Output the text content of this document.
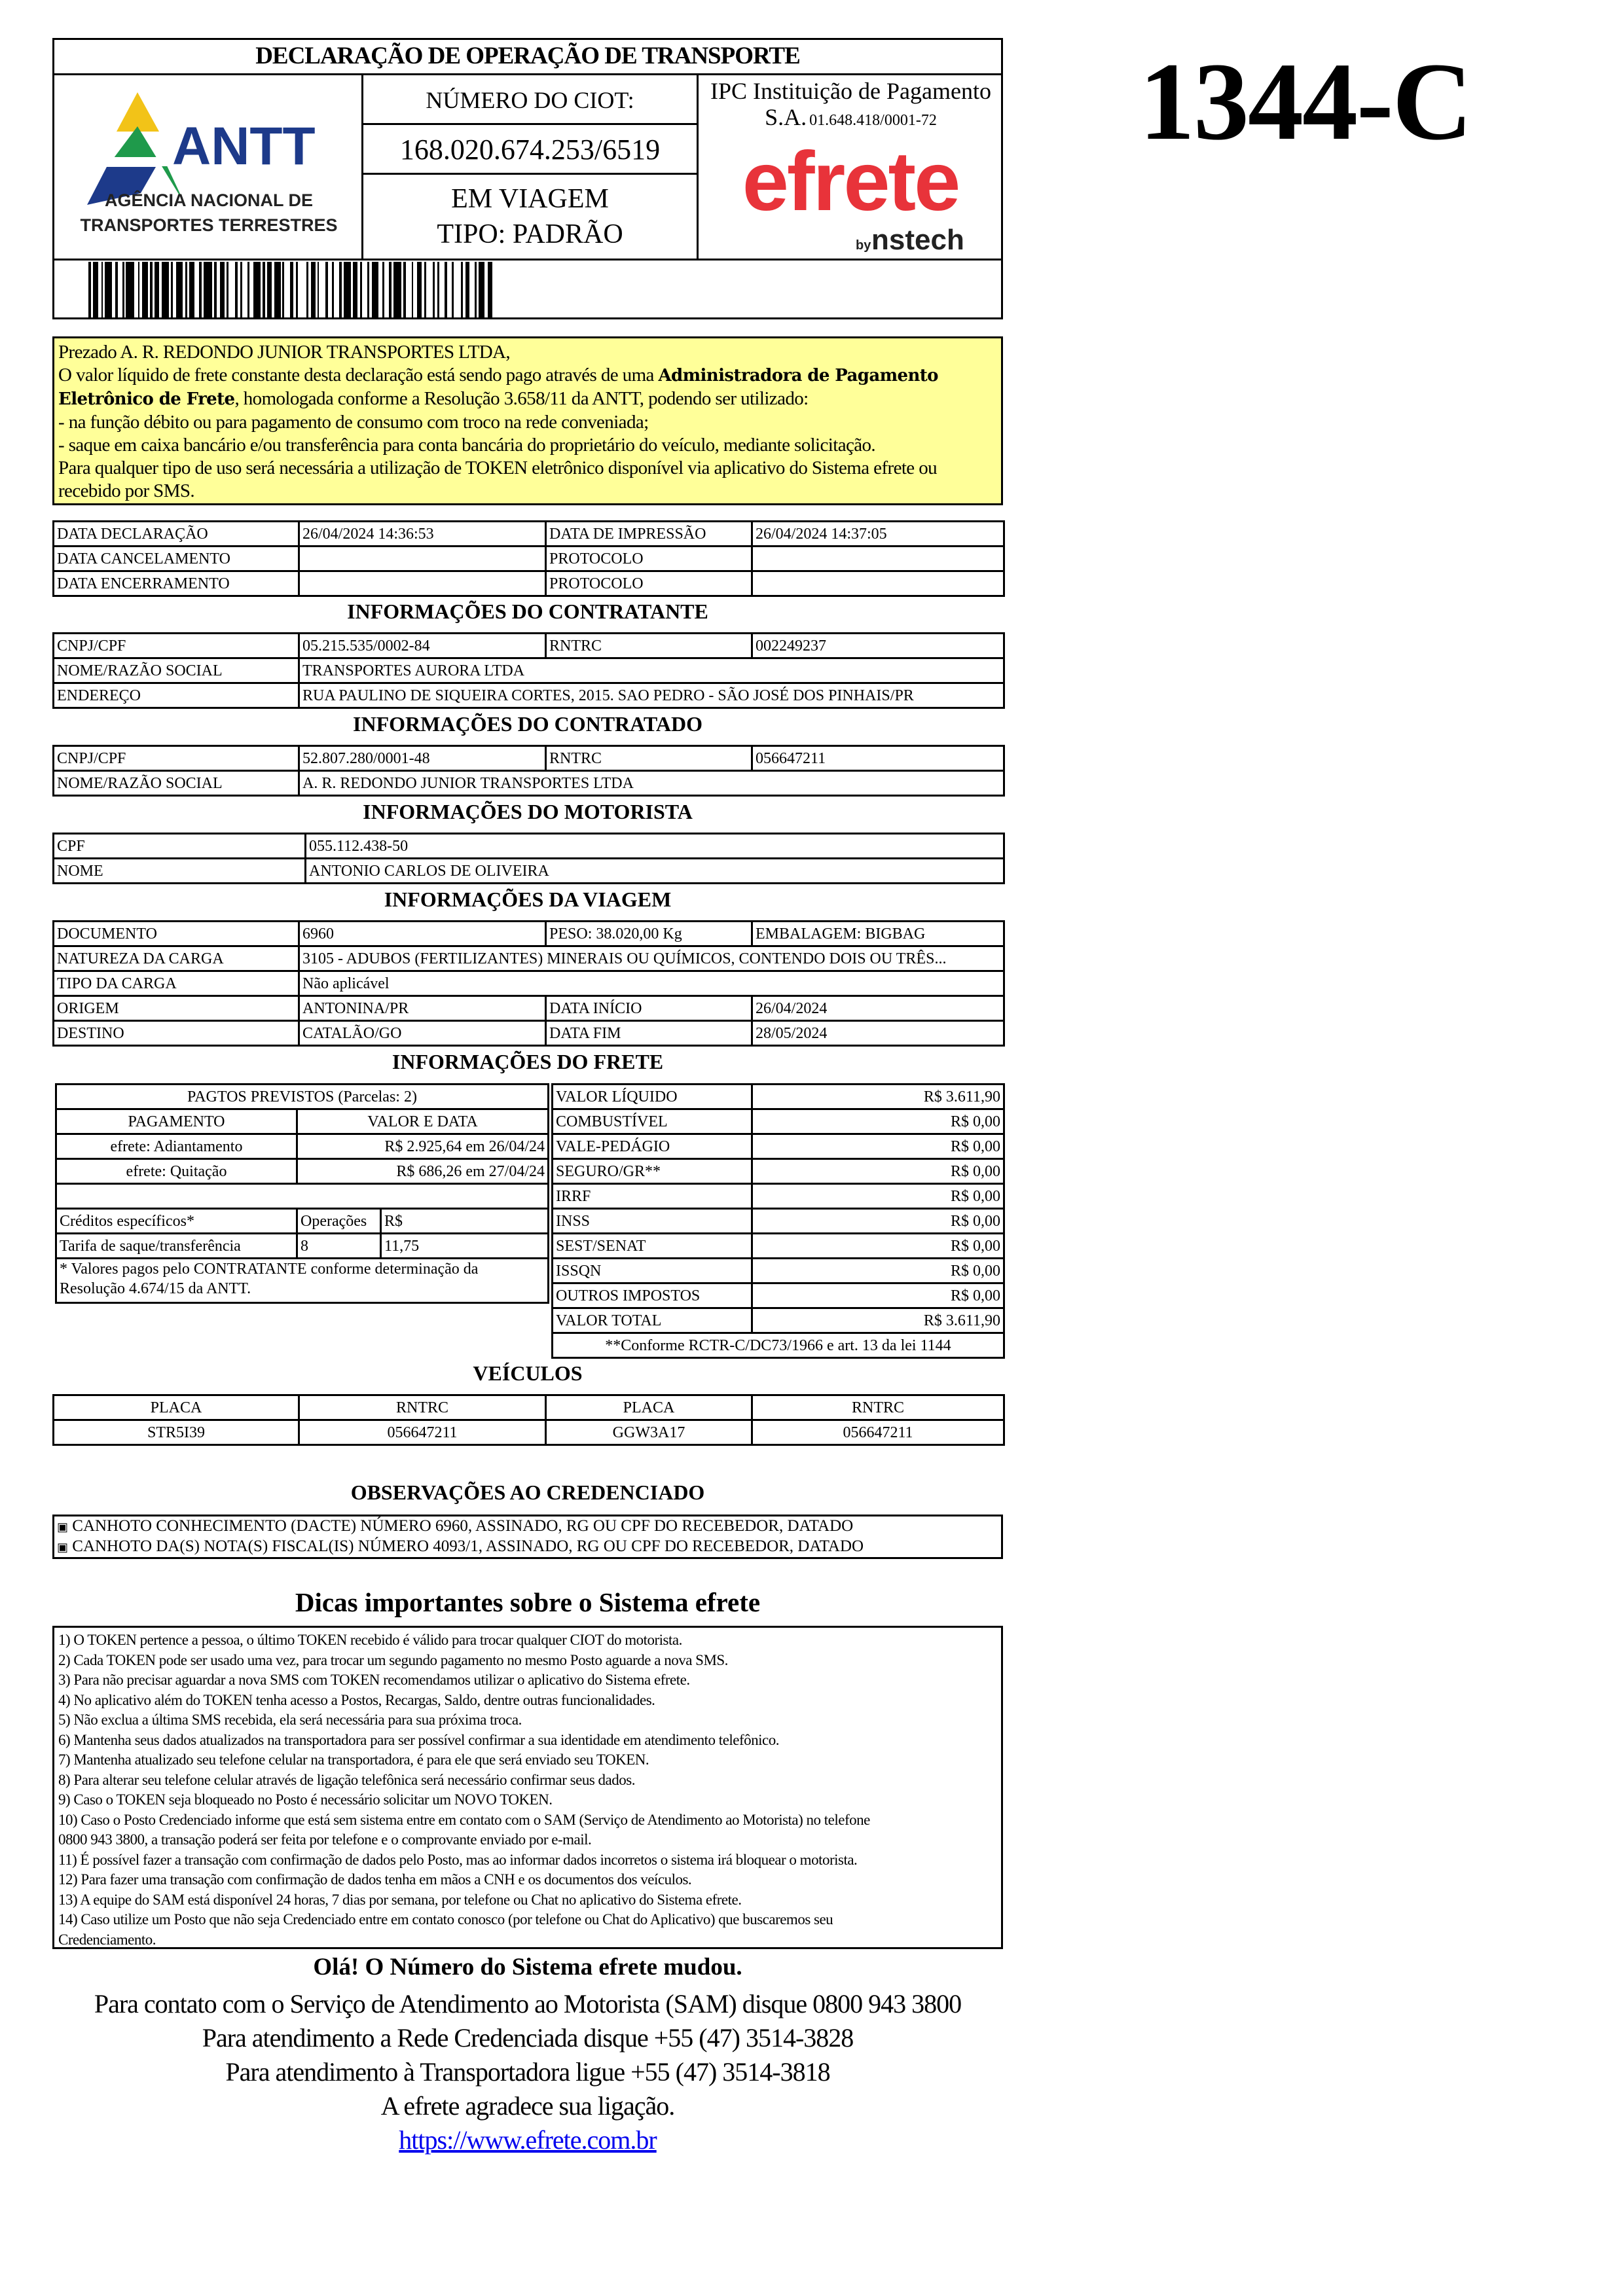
DECLARAÇÃO DE OPERAÇÃO DE TRANSPORTE
ANTT
AGÊNCIA NACIONAL DE
TRANSPORTES TERRESTRES
NÚMERO DO CIOT:
168.020.674.253/6519
EM VIAGEM
TIPO: PADRÃO
IPC Instituição de Pagamento
S.A. 01.648.418/0001-72
efrete
by nstech
1344-C
Prezado A. R. REDONDO JUNIOR TRANSPORTES LTDA,
O valor líquido de frete constante desta declaração está sendo pago através de uma Administradora de Pagamento
Eletrônico de Frete, homologada conforme a Resolução 3.658/11 da ANTT, podendo ser utilizado:
- na função débito ou para pagamento de consumo com troco na rede conveniada;
- saque em caixa bancário e/ou transferência para conta bancária do proprietário do veículo, mediante solicitação.
Para qualquer tipo de uso será necessária a utilização de TOKEN eletrônico disponível via aplicativo do Sistema efrete ou
recebido por SMS.
DATA DECLARAÇÃO	26/04/2024 14:36:53	DATA DE IMPRESSÃO	26/04/2024 14:37:05
DATA CANCELAMENTO		PROTOCOLO	
DATA ENCERRAMENTO		PROTOCOLO	
INFORMAÇÕES DO CONTRATANTE
CNPJ/CPF	05.215.535/0002-84	RNTRC	002249237
NOME/RAZÃO SOCIAL	TRANSPORTES AURORA LTDA		
ENDEREÇO	RUA PAULINO DE SIQUEIRA CORTES, 2015. SAO PEDRO - SÃO JOSÉ DOS PINHAIS/PR		
INFORMAÇÕES DO CONTRATADO
CNPJ/CPF	52.807.280/0001-48	RNTRC	056647211
NOME/RAZÃO SOCIAL	A. R. REDONDO JUNIOR TRANSPORTES LTDA		
INFORMAÇÕES DO MOTORISTA
CPF	055.112.438-50
NOME	ANTONIO CARLOS DE OLIVEIRA
INFORMAÇÕES DA VIAGEM
DOCUMENTO	6960	PESO: 38.020,00 Kg	EMBALAGEM: BIGBAG
NATUREZA DA CARGA	3105 - ADUBOS (FERTILIZANTES) MINERAIS OU QUÍMICOS, CONTENDO DOIS OU TRÊS...		
TIPO DA CARGA	Não aplicável		
ORIGEM	ANTONINA/PR	DATA INÍCIO	26/04/2024
DESTINO	CATALÃO/GO	DATA FIM	28/05/2024
INFORMAÇÕES DO FRETE
PAGTOS PREVISTOS (Parcelas: 2)		
PAGAMENTO	VALOR E DATA	
efrete: Adiantamento	R$ 2.925,64 em 26/04/24	
efrete: Quitação	R$ 686,26 em 27/04/24	

Créditos específicos*	Operações	R$
Tarifa de saque/transferência	8	11,75
* Valores pagos pelo CONTRATANTE conforme determinação da Resolução 4.674/15 da ANTT.		
VALOR LÍQUIDO	R$ 3.611,90
COMBUSTÍVEL	R$ 0,00
VALE-PEDÁGIO	R$ 0,00
SEGURO/GR**	R$ 0,00
IRRF	R$ 0,00
INSS	R$ 0,00
SEST/SENAT	R$ 0,00
ISSQN	R$ 0,00
OUTROS IMPOSTOS	R$ 0,00
VALOR TOTAL	R$ 3.611,90
**Conforme RCTR-C/DC73/1966 e art. 13 da lei 1144	
VEÍCULOS
PLACA	RNTRC	PLACA	RNTRC
STR5I39	056647211	GGW3A17	056647211
OBSERVAÇÕES AO CREDENCIADO
▣ CANHOTO CONHECIMENTO (DACTE) NÚMERO 6960, ASSINADO, RG OU CPF DO RECEBEDOR, DATADO
▣ CANHOTO DA(S) NOTA(S) FISCAL(IS) NÚMERO 4093/1, ASSINADO, RG OU CPF DO RECEBEDOR, DATADO
Dicas importantes sobre o Sistema efrete
1) O TOKEN pertence a pessoa, o último TOKEN recebido é válido para trocar qualquer CIOT do motorista.
2) Cada TOKEN pode ser usado uma vez, para trocar um segundo pagamento no mesmo Posto aguarde a nova SMS.
3) Para não precisar aguardar a nova SMS com TOKEN recomendamos utilizar o aplicativo do Sistema efrete.
4) No aplicativo além do TOKEN tenha acesso a Postos, Recargas, Saldo, dentre outras funcionalidades.
5) Não exclua a última SMS recebida, ela será necessária para sua próxima troca.
6) Mantenha seus dados atualizados na transportadora para ser possível confirmar a sua identidade em atendimento telefônico.
7) Mantenha atualizado seu telefone celular na transportadora, é para ele que será enviado seu TOKEN.
8) Para alterar seu telefone celular através de ligação telefônica será necessário confirmar seus dados.
9) Caso o TOKEN seja bloqueado no Posto é necessário solicitar um NOVO TOKEN.
10) Caso o Posto Credenciado informe que está sem sistema entre em contato com o SAM (Serviço de Atendimento ao Motorista) no telefone
0800 943 3800, a transação poderá ser feita por telefone e o comprovante enviado por e-mail.
11) É possível fazer a transação com confirmação de dados pelo Posto, mas ao informar dados incorretos o sistema irá bloquear o motorista.
12) Para fazer uma transação com confirmação de dados tenha em mãos a CNH e os documentos dos veículos.
13) A equipe do SAM está disponível 24 horas, 7 dias por semana, por telefone ou Chat no aplicativo do Sistema efrete.
14) Caso utilize um Posto que não seja Credenciado entre em contato conosco (por telefone ou Chat do Aplicativo) que buscaremos seu
Credenciamento.
Olá! O Número do Sistema efrete mudou.
Para contato com o Serviço de Atendimento ao Motorista (SAM) disque 0800 943 3800
Para atendimento a Rede Credenciada disque +55 (47) 3514-3828
Para atendimento à Transportadora ligue +55 (47) 3514-3818
A efrete agradece sua ligação.
https://www.efrete.com.br
